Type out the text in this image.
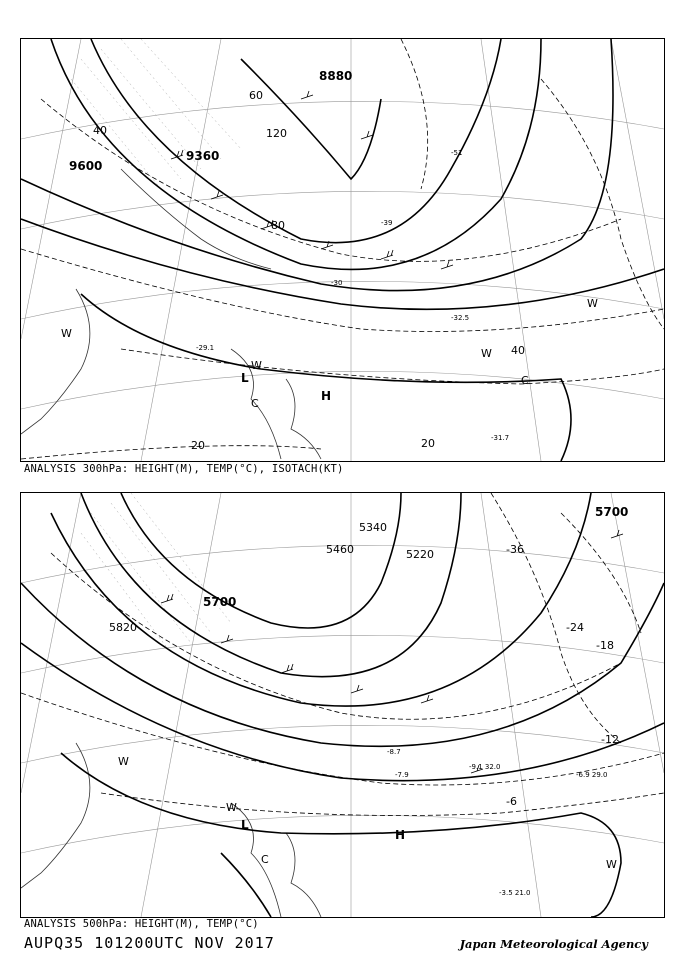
8880
9360
9600
120
80
60
40
40
20	20
L
H
W
W
W
W
C
C
-31.7
-32.5
-29.1
-30
-39
-51
ANALYSIS 300hPa: HEIGHT(M), TEMP(°C), ISOTACH(KT)
5700
5700
5460
5820
5220
5340
-36
-24
-18
-12
-6
L
H
W
W
W
C
-9.1 32.0
-6.9 29.0
-3.5 21.0
-7.9
-8.7
ANALYSIS 500hPa: HEIGHT(M), TEMP(°C)
AUPQ35 101200UTC NOV 2017	Japan Meteorological Agency
